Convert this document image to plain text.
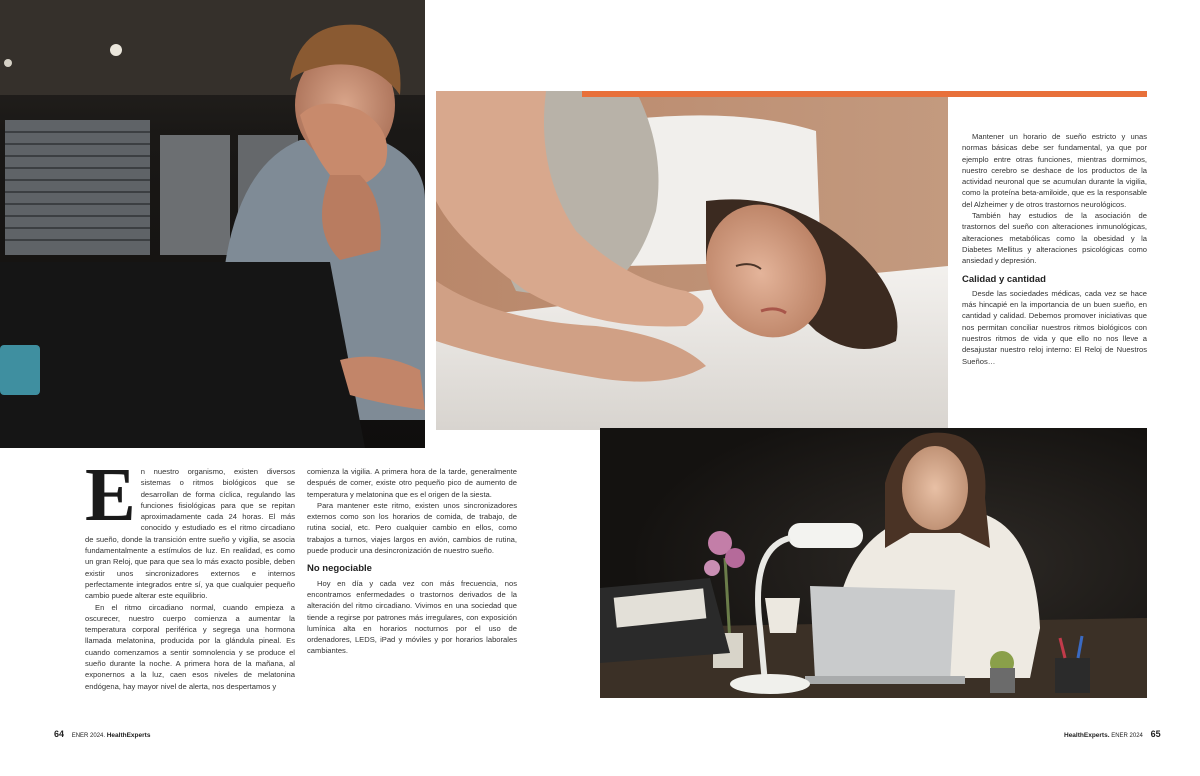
En nuestro organismo, existen diversos sistemas o ritmos biológicos que se desarrollan de forma cíclica, regulando las funciones fisiológicas para que se repitan aproximadamente cada 24 horas. El más conocido y estudiado es el ritmo circadiano de sueño, donde la transición entre sueño y vigilia, se asocia fundamentalmente a estímulos de luz. En realidad, es como un gran Reloj, que para que sea lo más exacto posible, deben existir unos sincronizadores externos e internos perfectamente integrados entre sí, ya que cualquier pequeño cambio puede alterar este equilibrio.

En el ritmo circadiano normal, cuando empieza a oscurecer, nuestro cuerpo comienza a aumentar la temperatura corporal periférica y segrega una hormona llamada melatonina, producida por la glándula pineal. Es cuando comenzamos a sentir somnolencia y se produce el sueño durante la noche. A primera hora de la mañana, al exponernos a la luz, caen esos niveles de melatonina endógena, hay mayor nivel de alerta, nos despertamos y

comienza la vigilia. A primera hora de la tarde, generalmente después de comer, existe otro pequeño pico de aumento de temperatura y melatonina que es el origen de la siesta.

Para mantener este ritmo, existen unos sincronizadores externos como son los horarios de comida, de trabajo, de rutina social, etc. Pero cualquier cambio en ellos, como trabajos a turnos, viajes largos en avión, cambios de rutina, puede producir una desincronización de nuestro sueño.

No negociable

Hoy en día y cada vez con más frecuencia, nos encontramos enfermedades o trastornos derivados de la alteración del ritmo circadiano. Vivimos en una sociedad que tiende a regirse por patrones más irregulares, con exposición lumínica alta en horarios nocturnos por el uso de ordenadores, LEDS, iPad y móviles y por horarios laborales cambiantes.

Mantener un horario de sueño estricto y unas normas básicas debe ser fundamental, ya que por ejemplo entre otras funciones, mientras dormimos, nuestro cerebro se deshace de los productos de la actividad neuronal que se acumulan durante la vigilia, como la proteína beta-amiloide, que es la responsable del Alzheimer y de otros trastornos neurológicos.

También hay estudios de la asociación de trastornos del sueño con alteraciones inmunológicas, alteraciones metabólicas como la obesidad y la Diabetes Mellitus y alteraciones psicológicas como ansiedad y depresión.

Calidad y cantidad

Desde las sociedades médicas, cada vez se hace más hincapié en la importancia de un buen sueño, en cantidad y calidad. Debemos promover iniciativas que nos permitan conciliar nuestros ritmos biológicos con nuestros ritmos de vida y que ello no nos lleve a desajustar nuestro reloj interno: El Reloj de Nuestros Sueños…

64 ENER 2024. HealthExperts	HealthExperts. ENER 2024 65
